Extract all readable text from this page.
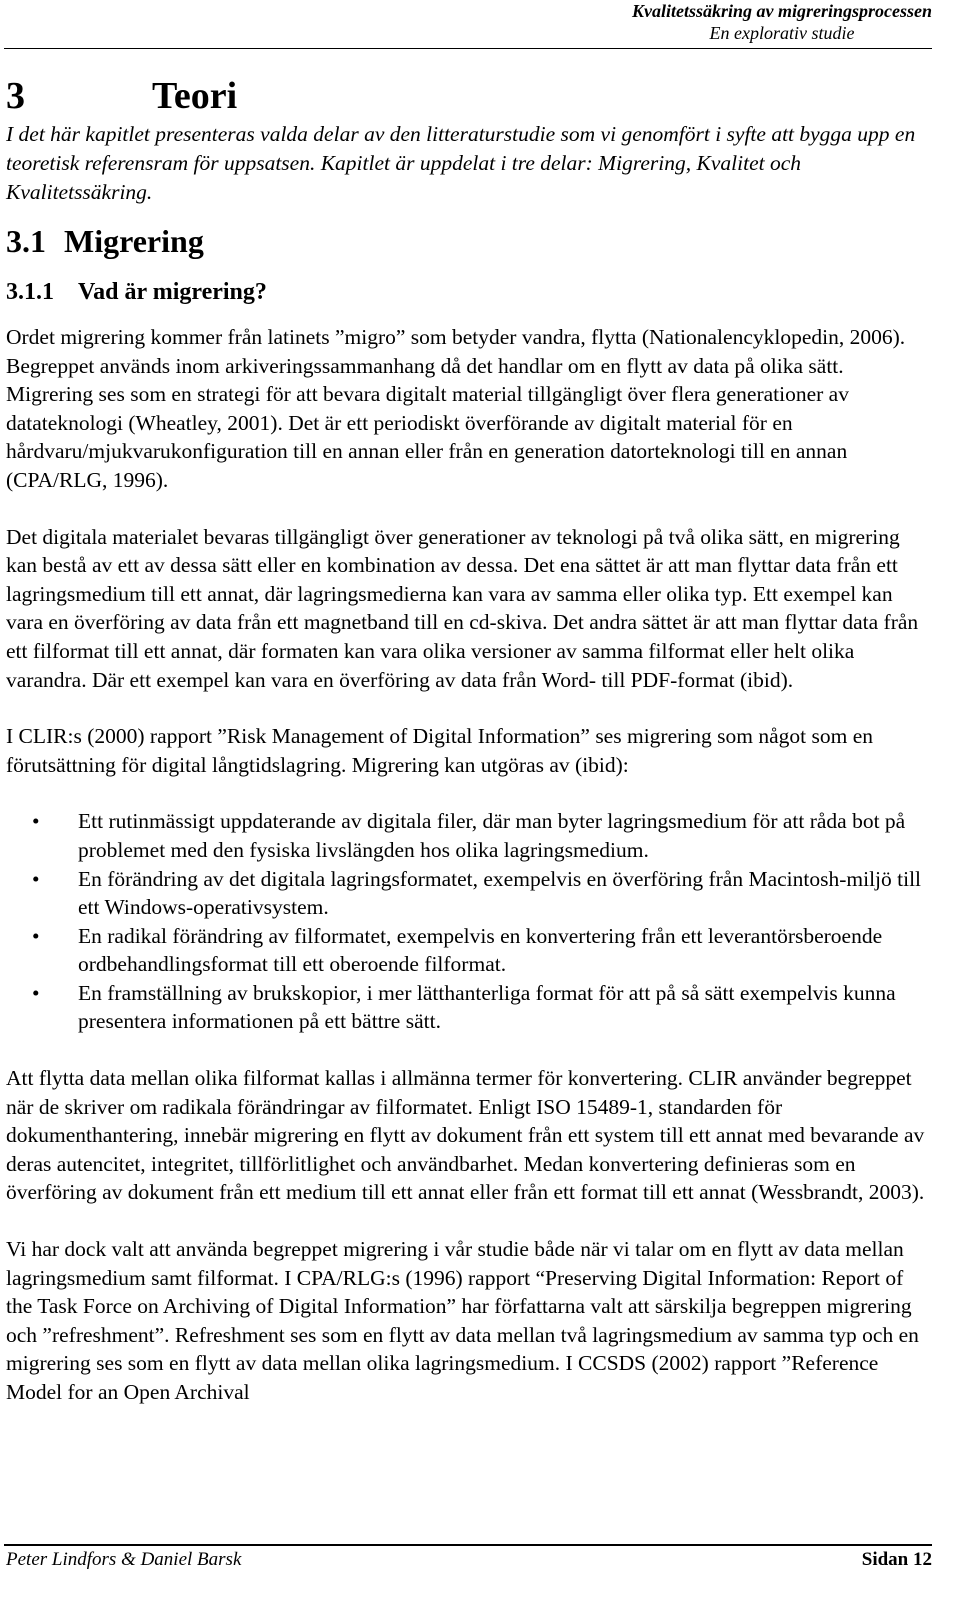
Kvalitetssäkring av migreringsprocessen
En explorativ studie
3	Teori

I det här kapitlet presenteras valda delar av den litteraturstudie som vi genomfört i syfte att bygga upp en teoretisk referensram för uppsatsen. Kapitlet är uppdelat i tre delar: Migrering, Kvalitet och Kvalitetssäkring.

3.1 Migrering
3.1.1 Vad är migrering?

Ordet migrering kommer från latinets ”migro” som betyder vandra, flytta (Nationalencyklopedin, 2006). Begreppet används inom arkiveringssammanhang då det handlar om en flytt av data på olika sätt. Migrering ses som en strategi för att bevara digitalt material tillgängligt över flera generationer av datateknologi (Wheatley, 2001). Det är ett periodiskt överförande av digitalt material för en hårdvaru/mjukvarukonfiguration till en annan eller från en generation datorteknologi till en annan (CPA/RLG, 1996).

Det digitala materialet bevaras tillgängligt över generationer av teknologi på två olika sätt, en migrering kan bestå av ett av dessa sätt eller en kombination av dessa. Det ena sättet är att man flyttar data från ett lagringsmedium till ett annat, där lagringsmedierna kan vara av samma eller olika typ. Ett exempel kan vara en överföring av data från ett magnetband till en cd-skiva. Det andra sättet är att man flyttar data från ett filformat till ett annat, där formaten kan vara olika versioner av samma filformat eller helt olika varandra. Där ett exempel kan vara en överföring av data från Word- till PDF-format (ibid).

I CLIR:s (2000) rapport ”Risk Management of Digital Information” ses migrering som något som en förutsättning för digital långtidslagring. Migrering kan utgöras av (ibid):

• Ett rutinmässigt uppdaterande av digitala filer, där man byter lagringsmedium för att råda bot på problemet med den fysiska livslängden hos olika lagringsmedium.
• En förändring av det digitala lagringsformatet, exempelvis en överföring från Macintosh-miljö till ett Windows-operativsystem.
• En radikal förändring av filformatet, exempelvis en konvertering från ett leverantörsberoende ordbehandlingsformat till ett oberoende filformat.
• En framställning av brukskopior, i mer lätthanterliga format för att på så sätt exempelvis kunna presentera informationen på ett bättre sätt.

Att flytta data mellan olika filformat kallas i allmänna termer för konvertering. CLIR använder begreppet när de skriver om radikala förändringar av filformatet. Enligt ISO 15489-1, standarden för dokumenthantering, innebär migrering en flytt av dokument från ett system till ett annat med bevarande av deras autencitet, integritet, tillförlitlighet och användbarhet. Medan konvertering definieras som en överföring av dokument från ett medium till ett annat eller från ett format till ett annat (Wessbrandt, 2003).

Vi har dock valt att använda begreppet migrering i vår studie både när vi talar om en flytt av data mellan lagringsmedium samt filformat. I CPA/RLG:s (1996) rapport “Preserving Digital Information: Report of the Task Force on Archiving of Digital Information” har författarna valt att särskilja begreppen migrering och ”refreshment”. Refreshment ses som en flytt av data mellan två lagringsmedium av samma typ och en migrering ses som en flytt av data mellan olika lagringsmedium. I CCSDS (2002) rapport ”Reference Model for an Open Archival

Peter Lindfors & Daniel Barsk	Sidan 12
